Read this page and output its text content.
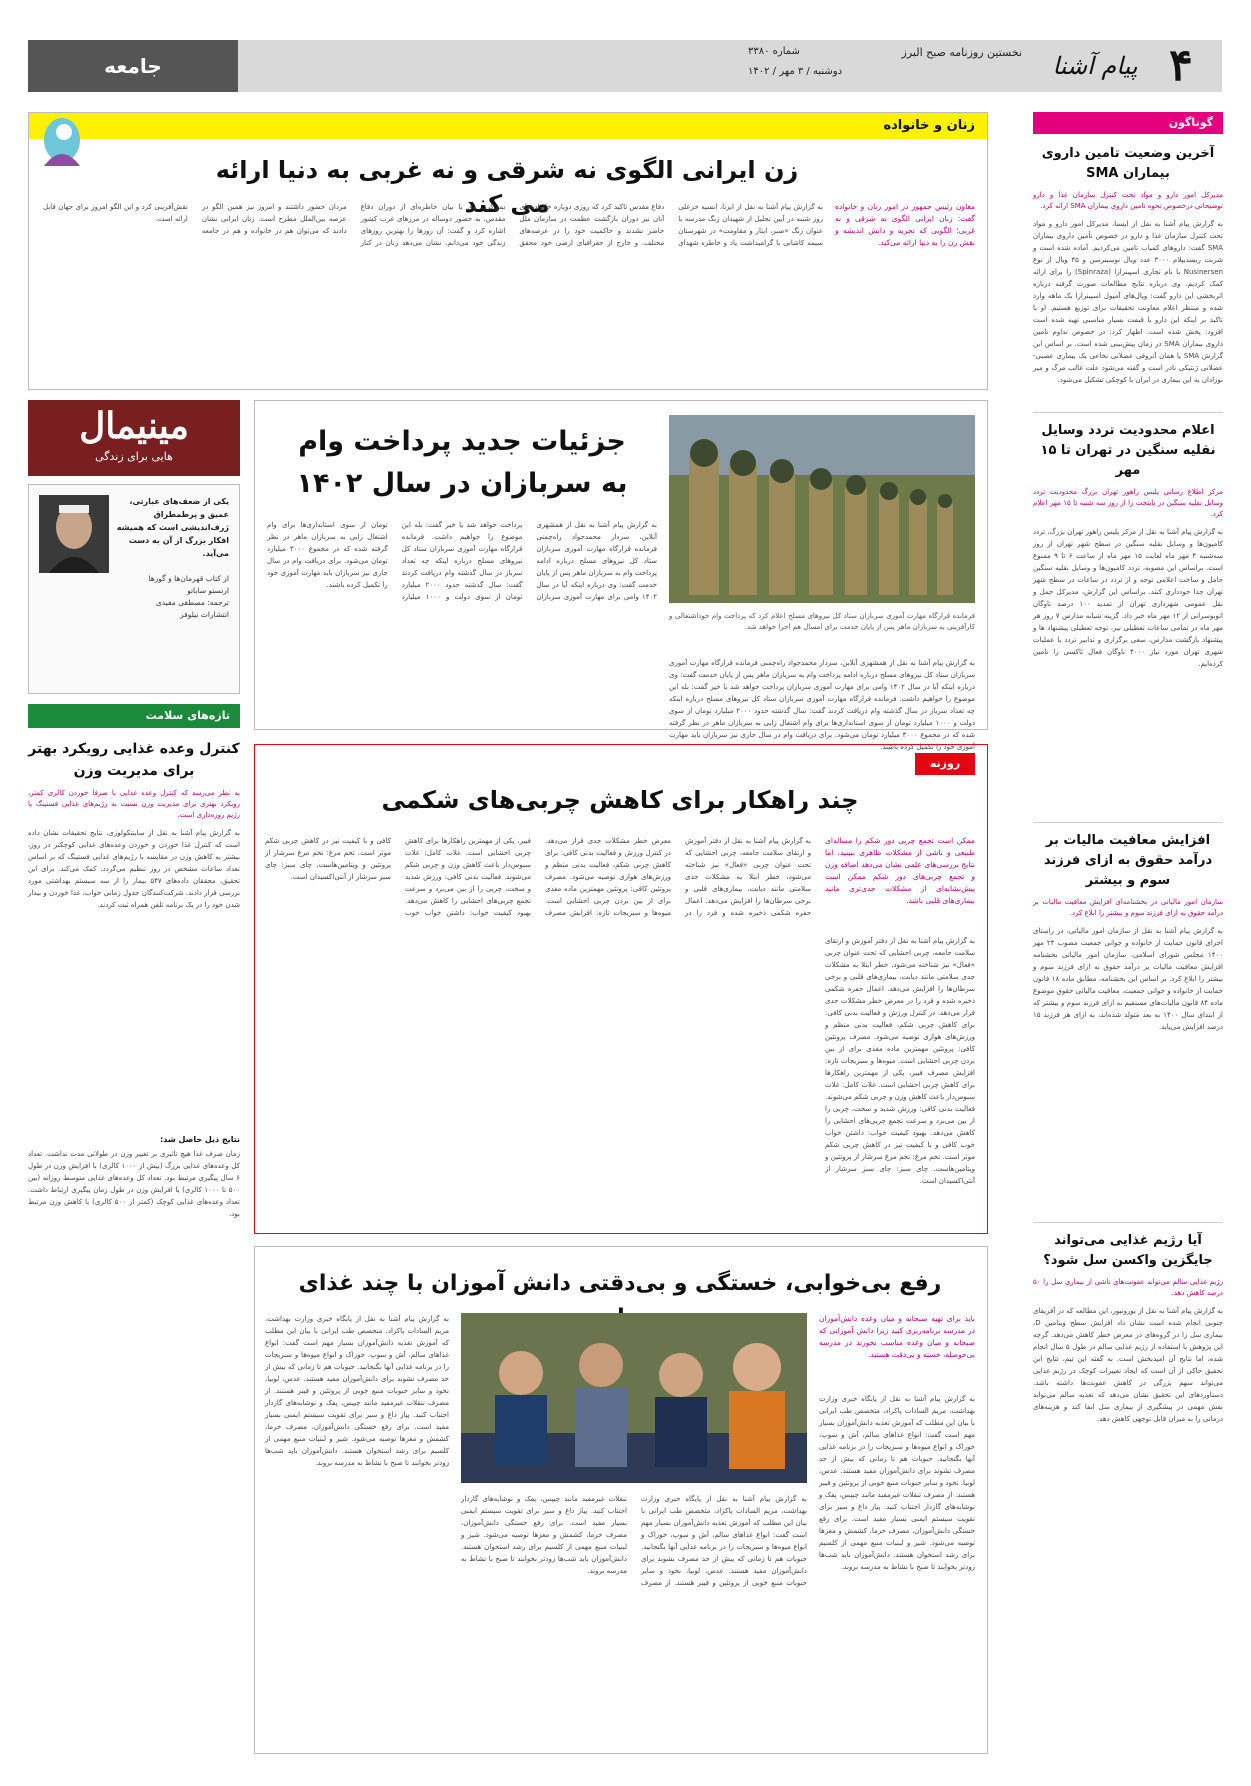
۴
پیام آشنا
نخستین روزنامه صبح البرز
شماره ۳۳۸۰
دوشنبه / ۳ مهر / ۱۴۰۲
جامعه
گوناگون
آخرین وضعیت تامین داروی بیماران SMA
مدیرکل امور دارو و مواد تحت کنترل سازمان غذا و دارو توضیحاتی درخصوص نحوه تامین داروی بیماران SMA ارائه کرد.
به گزارش پیام آشنا به نقل از ایسنا، مدیرکل امور دارو و مواد تحت کنترل سازمان غذا و دارو در خصوص تأمین داروی بیماران SMA گفت: داروهای کمیاب تامین می‌کردیم. آماده شده است و شربت ریسدیپلام ۳۰۰۰ عدد ویال نوسینرسن و ۳۵ ویال از نوع Nusinersen با نام تجاری اسپینرازا (Spinraza) را برای ارائه کمک کردیم. وی درباره نتایج مطالعات صورت گرفته درباره اثربخشی این دارو گفت: ویال‌های آمپول اسپینرازا یک ماهه وارد شده و منتظر اعلام معاونت تحقیقات برای توزیع هستیم. او با تاکید بر اینکه این دارو با قیمت بسیار مناسبی تهیه شده است افزود: پخش شده است. اظهار کرد: در خصوص تداوم تامین داروی بیماران SMA در زمان پیش‌بینی شده است. بر اساس این گزارش SMA یا همان آتروفی عضلانی نخاعی یک بیماری عصبی-عضلانی ژنتیکی نادر است و گفته می‌شود علت غالب مرگ و میر نوزادان به این بیماری در ایران با کوچکی تشکیل می‌شود.
اعلام محدودیت تردد وسایل نقلیه سنگین در تهران تا ۱۵ مهر
مرکز اطلاع رسانی پلیس راهور تهران بزرگ محدودیت تردد وسایل نقلیه سنگین در پایتخت را از روز سه شنبه تا ۱۵ مهر اعلام کرد.
به گزارش پیام آشنا به نقل از مرکز پلیس راهور تهران بزرگ، تردد کامیون‌ها و وسایل نقلیه سنگین در سطح شهر تهران از روز سه‌شنبه ۴ مهر ماه لغایت ۱۵ مهر ماه از ساعت ۶ تا ۹ ممنوع است. براساس این مصوبه، تردد کامیون‌ها و وسایل نقلیه سنگین حامل و ساخت اعلامی توجه و از تردد در ساعات در سطح شهر تهران جدا خودداری کنند. براساس این گزارش، مدیرکل حمل و نقل عمومی شهرداری تهران از تمدید ۱۰۰ درصد ناوگان اتوبوسرانی از ۱۲ مهر ماه خبر داد. گزینه شبانه مدارس ۷ روز هر مهر ماه در تمامی ساعات تعطیلی نیز، توجه تعطیلی پیشنهاد ها و پیشنهاد بازگشت مدارس، سعی برگزاری و تدابیر تردد با عملیات شهری تهران مورد نیاز ۴۰۰۰ ناوگان فعال تاکسی را تامین کرده‌ایم.
افزایش معافیت مالیات بر درآمد حقوق به ازای فرزند سوم و بیشتر
سازمان امور مالیاتی در بخشنامه‌ای افزایش معافیت مالیات بر درآمد حقوق به ازای فرزند سوم و بیشتر را ابلاغ کرد.
به گزارش پیام آشنا به نقل از سازمان امور مالیاتی، در راستای اجرای قانون حمایت از خانواده و جوانی جمعیت مصوب ۲۴ مهر ۱۴۰۰ مجلس شورای اسلامی، سازمان امور مالیاتی بخشنامه افزایش معافیت مالیات بر درآمد حقوق به ازای فرزند سوم و بیشتر را ابلاغ کرد. بر اساس این بخشنامه، مطابق ماده ۱۸ قانون حمایت از خانواده و جوانی جمعیت، معافیت مالیاتی حقوق موضوع ماده ۸۴ قانون مالیات‌های مستقیم به ازای فرزند سوم و بیشتر که از ابتدای سال ۱۴۰۰ به بعد متولد شده‌اند، به ازای هر فرزند ۱۵ درصد افزایش می‌یابد.
آیا رژیم غذایی می‌تواند جایگزین واکسن سل شود؟
رژیم غذایی سالم می‌تواند عفونت‌های ناشی از بیماری سل را ۵۰ درصد کاهش دهد.
به گزارش پیام آشنا به نقل از یورونیوز، این مطالعه که در آفریقای جنوبی انجام شده است نشان داد افزایش سطح ویتامین D، بیماری سل را در گروه‌های در معرض خطر کاهش می‌دهد. گرچه این پژوهش با استفاده از رژیم غذایی سالم در طول ۵ سال انجام شده، اما نتایج آن امیدبخش است. به گفته این تیم، نتایج این تحقیق حاکی از آن است که ایجاد تغییرات کوچک در رژیم غذایی می‌تواند سهم بزرگی در کاهش عفونت‌ها داشته باشد. دستاوردهای این تحقیق نشان می‌دهد که تغذیه سالم می‌تواند نقش مهمی در پیشگیری از بیماری سل ایفا کند و هزینه‌های درمانی را به میزان قابل توجهی کاهش دهد.
زنان و خانواده
زن ایرانی الگوی نه شرقی و نه غربی به دنیا ارائه می کند	معاون رئیس جمهور در امور زنان و خانواده گفت: زنان ایرانی الگوی نه شرقی و نه غربی؛ الگویی که تجربه و دانش اندیشه و نقش زن را به دنیا ارائه می‌کند.
به گزارش پیام آشنا به نقل از ایرنا، انسیه خزعلی روز شنبه در آیین تجلیل از شهیدان زنگ مدرسه با عنوان زنگ «صبر، ایثار و مقاومت» در شهرستان سیمه کاشانی با گرامیداشت یاد و خاطره شهدای دفاع مقدس تاکید کرد که روزی دوباره خانواده‌های آنان نیز دوران بازگشت عظمت در سازمان ملل حاضر نشدند و حاکمیت خود را در عرصه‌های مختلف. و خارج از جغرافیای ارضی خود محقق نمی‌کرد. وی با بیان خاطره‌ای از دوران دفاع مقدس، به حضور دوساله در مرزهای غرب کشور اشاره کرد و گفت: آن روزها را بهترین روزهای زندگی خود می‌دانم. نشان می‌دهد زنان در کنار مردان حضور داشتند و امروز نیز همین الگو در عرصه بین‌الملل مطرح است. زنان ایرانی نشان دادند که می‌توان هم در خانواده و هم در جامعه نقش‌آفرینی کرد و این الگو امروز برای جهان قابل ارائه است.
جزئیات جدید پرداخت وام
به سربازان در سال ۱۴۰۲
فرمانده قرارگاه مهارت آموزی سربازان ستاد کل نیروهای مسلح اعلام کرد که پرداخت وام خوداشتغالی و کارآفرینی به سربازان ماهر پس از پایان خدمت برای امسال هم اجرا خواهد شد.
به گزارش پیام آشنا به نقل از همشهری آنلاین، سردار محمدجواد راه‌چمنی فرمانده قرارگاه مهارت آموزی سربازان ستاد کل نیروهای مسلح درباره ادامه پرداخت وام به سربازان ماهر پس از پایان خدمت گفت: وی درباره اینکه آیا در سال ۱۴۰۲ وامی برای مهارت آموزی سربازان پرداخت خواهد شد یا خیر گفت: بله این موضوع را خواهیم داشت. فرمانده قرارگاه مهارت آموزی سربازان ستاد کل نیروهای مسلح درباره اینکه چه تعداد سرباز در سال گذشته وام دریافت کردند گفت: سال گذشته حدود ۲۰۰۰ میلیارد تومان از سوی دولت و ۱۰۰۰ میلیارد تومان از سوی استانداری‌ها برای وام اشتغال زایی به سربازان ماهر در نظر گرفته شده که در مجموع ۳۰۰۰ میلیارد تومان می‌شود. برای دریافت وام در سال جاری نیز سربازان باید مهارت آموزی خود را تکمیل کرده باشند.
به گزارش پیام آشنا به نقل از همشهری آنلاین، سردار محمدجواد راه‌چمنی فرمانده قرارگاه مهارت آموزی سربازان ستاد کل نیروهای مسلح درباره ادامه پرداخت وام به سربازان ماهر پس از پایان خدمت گفت: وی درباره اینکه آیا در سال ۱۴۰۲ وامی برای مهارت آموزی سربازان پرداخت خواهد شد یا خیر گفت: بله این موضوع را خواهیم داشت. فرمانده قرارگاه مهارت آموزی سربازان ستاد کل نیروهای مسلح درباره اینکه چه تعداد سرباز در سال گذشته وام دریافت کردند گفت: سال گذشته حدود ۲۰۰۰ میلیارد تومان از سوی دولت و ۱۰۰۰ میلیارد تومان از سوی استانداری‌ها برای وام اشتغال زایی به سربازان ماهر در نظر گرفته شده که در مجموع ۳۰۰۰ میلیارد تومان می‌شود. برای دریافت وام در سال جاری نیز سربازان باید مهارت آموزی خود را تکمیل کرده باشند.
مینیمال
هایی برای زندگی
یکی از ضعف‌های عبارتی، عمیق و پرطمطراق ژرف‌اندیشی است که همیشه افکار بزرگ از آن به دست می‌آید.
از کتاب قهرمان‌ها و گورها
ارنستو ساباتو
ترجمه: مصطفی مفیدی
انتشارات نیلوفر
تازه‌های سلامت
کنترل وعده غذایی رویکرد بهتر برای مدیریت وزن
به نظر می‌رسد که کنترل وعده غذایی با صرفا خوردن کالری کمتر، رویکرد بهتری برای مدیریت وزن نسبت به رژیم‌های غذایی فستینگ یا رژیم روزه‌داری است.
به گزارش پیام آشنا به نقل از ساینتکولوزی، نتایج تحقیقات نشان داده است که کنترل غذا خوردن و خوردن وعده‌های غذایی کوچکتر در روز، بیشتر به کاهش وزن در مقایسه با رژیم‌های غذایی فستینگ که بر اساس تعداد ساعات مشخص در روز تنظیم می‌گردد، کمک می‌کند. برای این تحقیق، محققان داده‌های ۵۴۷ بیمار را از سه سیستم بهداشتی مورد بررسی قرار دادند. شرکت‌کنندگان جدول زمانی خواب، غذا خوردن و بیدار شدن خود را در یک برنامه تلفن همراه ثبت کردند.
نتایج ذیل حاصل شد:
زمان صرف غذا هیچ تاثیری بر تغییر وزن در طولانی مدت نداشت. تعداد کل وعده‌های غذایی بزرگ (بیش از ۱۰۰۰ کالری) با افزایش وزن در طول ۶ سال پیگیری مرتبط بود. تعداد کل وعده‌های غذایی متوسط روزانه (بین ۵۰۰ تا ۱۰۰۰ کالری) با افزایش وزن در طول زمان پیگیری ارتباط داشت. تعداد وعده‌های غذایی کوچک (کمتر از ۵۰۰ کالری) با کاهش وزن مرتبط بود.
روزنه
چند راهکار برای کاهش چربی‌های شکمی
ممکن است تجمع چربی دور شکم را مساله‌ای طبیعی و ناشی از مشکلات ظاهری ببینید، اما نتایج بررسی‌های علمی نشان می‌دهد اضافه وزن و تجمع چربی‌های دور شکم ممکن است پیش‌نشانه‌ای از مشکلات جدی‌تری مانند بیماری‌های قلبی باشد.
به گزارش پیام آشنا به نقل از دفتر آموزش و ارتقای سلامت جامعه، چربی احشایی که تحت عنوان چربی «فعال» نیز شناخته می‌شود، خطر ابتلا به مشکلات جدی سلامتی مانند دیابت، بیماری‌های قلبی و برخی سرطان‌ها را افزایش می‌دهد. اعمال حفره شکمی ذخیره شده و فرد را در معرض خطر مشکلات جدی قرار می‌دهد. در کنترل ورزش و فعالیت بدنی کافی: برای کاهش چربی شکم، فعالیت بدنی منظم و ورزش‌های هوازی توصیه می‌شود. مصرف پروتئین کافی: پروتئین مهمترین ماده مغذی برای از بین بردن چربی احشایی است. میوه‌ها و سبزیجات تازه: افزایش مصرف فیبر، یکی از مهمترین راهکارها برای کاهش چربی احشایی است. غلات کامل: غلات سبوس‌دار باعث کاهش وزن و چربی شکم می‌شوند. فعالیت بدنی کافی: ورزش شدید و سخت، چربی را از بین می‌برد و سرعت تجمع چربی‌های احشایی را کاهش می‌دهد. بهبود کیفیت خواب: داشتن خواب خوب کافی و با کیفیت نیز در کاهش چربی شکم موثر است. تخم مرغ: تخم مرغ سرشار از پروتئین و ویتامین‌هاست. چای سبز: چای سبز سرشار از آنتی‌اکسیدان است.
به گزارش پیام آشنا به نقل از دفتر آموزش و ارتقای سلامت جامعه، چربی احشایی که تحت عنوان چربی «فعال» نیز شناخته می‌شود، خطر ابتلا به مشکلات جدی سلامتی مانند دیابت، بیماری‌های قلبی و برخی سرطان‌ها را افزایش می‌دهد. اعمال حفره شکمی ذخیره شده و فرد را در معرض خطر مشکلات جدی قرار می‌دهد. در کنترل ورزش و فعالیت بدنی کافی: برای کاهش چربی شکم، فعالیت بدنی منظم و ورزش‌های هوازی توصیه می‌شود. مصرف پروتئین کافی: پروتئین مهمترین ماده مغذی برای از بین بردن چربی احشایی است. میوه‌ها و سبزیجات تازه: افزایش مصرف فیبر، یکی از مهمترین راهکارها برای کاهش چربی احشایی است. غلات کامل: غلات سبوس‌دار باعث کاهش وزن و چربی شکم می‌شوند. فعالیت بدنی کافی: ورزش شدید و سخت، چربی را از بین می‌برد و سرعت تجمع چربی‌های احشایی را کاهش می‌دهد. بهبود کیفیت خواب: داشتن خواب خوب کافی و با کیفیت نیز در کاهش چربی شکم موثر است. تخم مرغ: تخم مرغ سرشار از پروتئین و ویتامین‌هاست. چای سبز: چای سبز سرشار از آنتی‌اکسیدان است.
رفع بی‌خوابی، خستگی و بی‌دقتی دانش آموزان با چند غذای
باید برای تهیه صبحانه و میان وعده دانش‌آموزان در مدرسه برنامه‌ریزی کنید زیرا دانش آموزانی که صبحانه و میان وعده مناسب نخورند در مدرسه بی‌حوصله، خسته و بی‌دقت هستند.
به گزارش پیام آشنا به نقل از پایگاه خبری وزارت بهداشت، مریم السادات پاکزاد، متخصص طب ایرانی با بیان این مطلب که آموزش تغذیه دانش‌آموزان بسیار مهم است گفت: انواع غذاهای سالم، آش و سوپ، خوراک و انواع میوه‌ها و سبزیجات را در برنامه غذایی آنها بگنجانید. حبوبات هم تا زمانی که بیش از حد مصرف نشوند برای دانش‌آموزان مفید هستند. عدس، لوبیا، نخود و سایر حبوبات منبع خوبی از پروتئین و فیبر هستند. از مصرف تنقلات غیرمفید مانند چیپس، پفک و نوشابه‌های گازدار اجتناب کنید. پیاز داغ و سیر برای تقویت سیستم ایمنی بسیار مفید است. برای رفع خستگی دانش‌آموزان، مصرف خرما، کشمش و مغزها توصیه می‌شود. شیر و لبنیات منبع مهمی از کلسیم برای رشد استخوان هستند. دانش‌آموزان باید شب‌ها زودتر بخوابند تا صبح با نشاط به مدرسه بروند.
به گزارش پیام آشنا به نقل از پایگاه خبری وزارت بهداشت، مریم السادات پاکزاد، متخصص طب ایرانی با بیان این مطلب که آموزش تغذیه دانش‌آموزان بسیار مهم است گفت: انواع غذاهای سالم، آش و سوپ، خوراک و انواع میوه‌ها و سبزیجات را در برنامه غذایی آنها بگنجانید. حبوبات هم تا زمانی که بیش از حد مصرف نشوند برای دانش‌آموزان مفید هستند. عدس، لوبیا، نخود و سایر حبوبات منبع خوبی از پروتئین و فیبر هستند. از مصرف تنقلات غیرمفید مانند چیپس، پفک و نوشابه‌های گازدار اجتناب کنید. پیاز داغ و سیر برای تقویت سیستم ایمنی بسیار مفید است. برای رفع خستگی دانش‌آموزان، مصرف خرما، کشمش و مغزها توصیه می‌شود. شیر و لبنیات منبع مهمی از کلسیم برای رشد استخوان هستند. دانش‌آموزان باید شب‌ها زودتر بخوابند تا صبح با نشاط به مدرسه بروند.
به گزارش پیام آشنا به نقل از پایگاه خبری وزارت بهداشت، مریم السادات پاکزاد، متخصص طب ایرانی با بیان این مطلب که آموزش تغذیه دانش‌آموزان بسیار مهم است گفت: انواع غذاهای سالم، آش و سوپ، خوراک و انواع میوه‌ها و سبزیجات را در برنامه غذایی آنها بگنجانید. حبوبات هم تا زمانی که بیش از حد مصرف نشوند برای دانش‌آموزان مفید هستند. عدس، لوبیا، نخود و سایر حبوبات منبع خوبی از پروتئین و فیبر هستند. از مصرف تنقلات غیرمفید مانند چیپس، پفک و نوشابه‌های گازدار اجتناب کنید. پیاز داغ و سیر برای تقویت سیستم ایمنی بسیار مفید است. برای رفع خستگی دانش‌آموزان، مصرف خرما، کشمش و مغزها توصیه می‌شود. شیر و لبنیات منبع مهمی از کلسیم برای رشد استخوان هستند. دانش‌آموزان باید شب‌ها زودتر بخوابند تا صبح با نشاط به مدرسه بروند.
